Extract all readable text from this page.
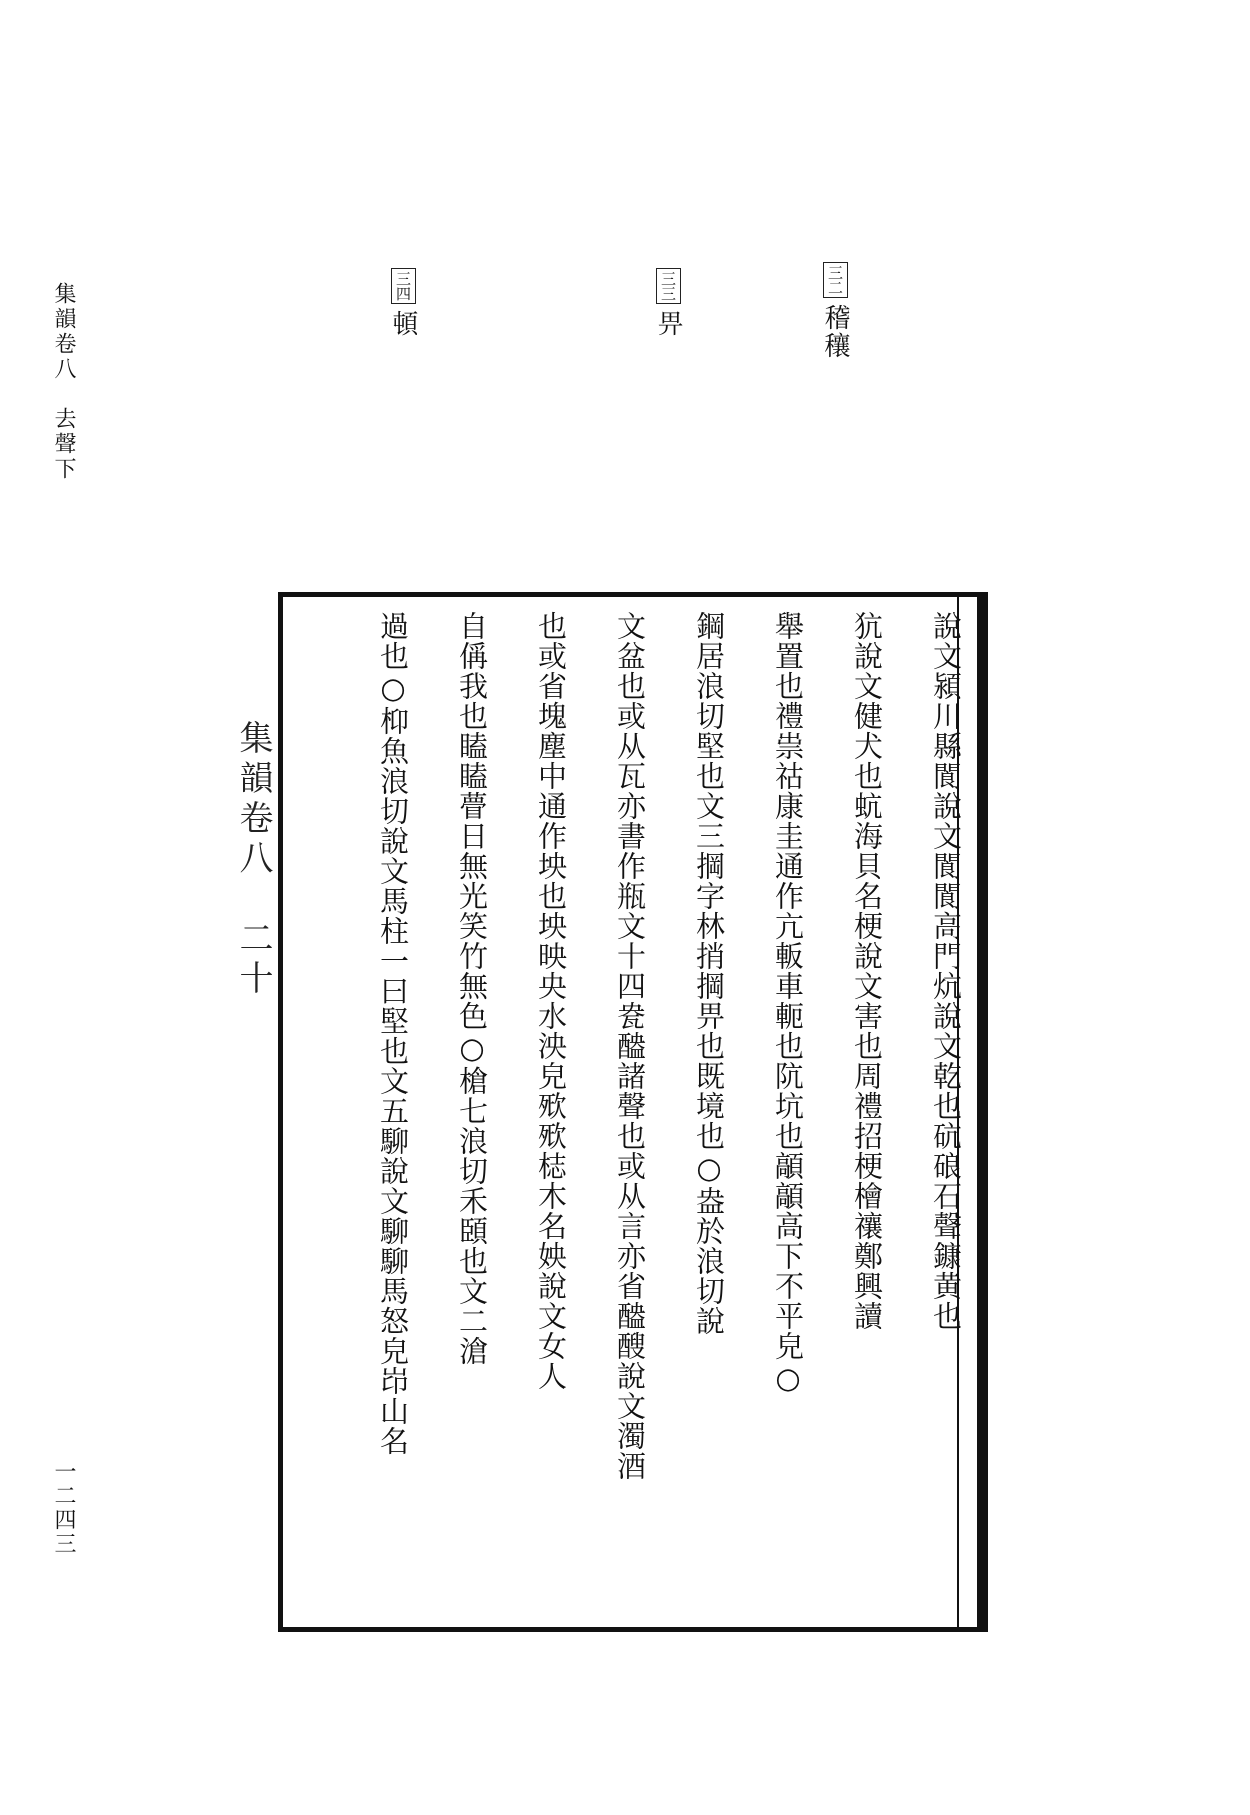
集韻卷八　去聲下
一二四三
三二稽穰
三三畀
三四頓
集韻卷八　二十	說文潁川縣閬說文閬閬高門炕說文乾也砊硠石聲鏮黄也
犺說文健犬也蚢海貝名梗說文害也周禮招梗檜禳鄭興讀
舉置也禮祟祜康圭通作亢䡊車軛也阬坑也䯪䯪高下不平皃○
鋼居浪切堅也文三掆字林捎掆畀也既境也○盎於浪切說
文盆也或从瓦亦書作瓶文十四㼜醠諸聲也或从言亦省醠醙說文濁酒
也或省塊塵中通作坱也坱映央水泱皃㰷㰷梽木名姎說文女人
自偁我也瞌瞌瞢日無光笑竹無色○槍七浪切禾頣也文二滄
過也○枊魚浪切說文馬柱一曰堅也文五駠說文駠駠馬怒皃岇山名
